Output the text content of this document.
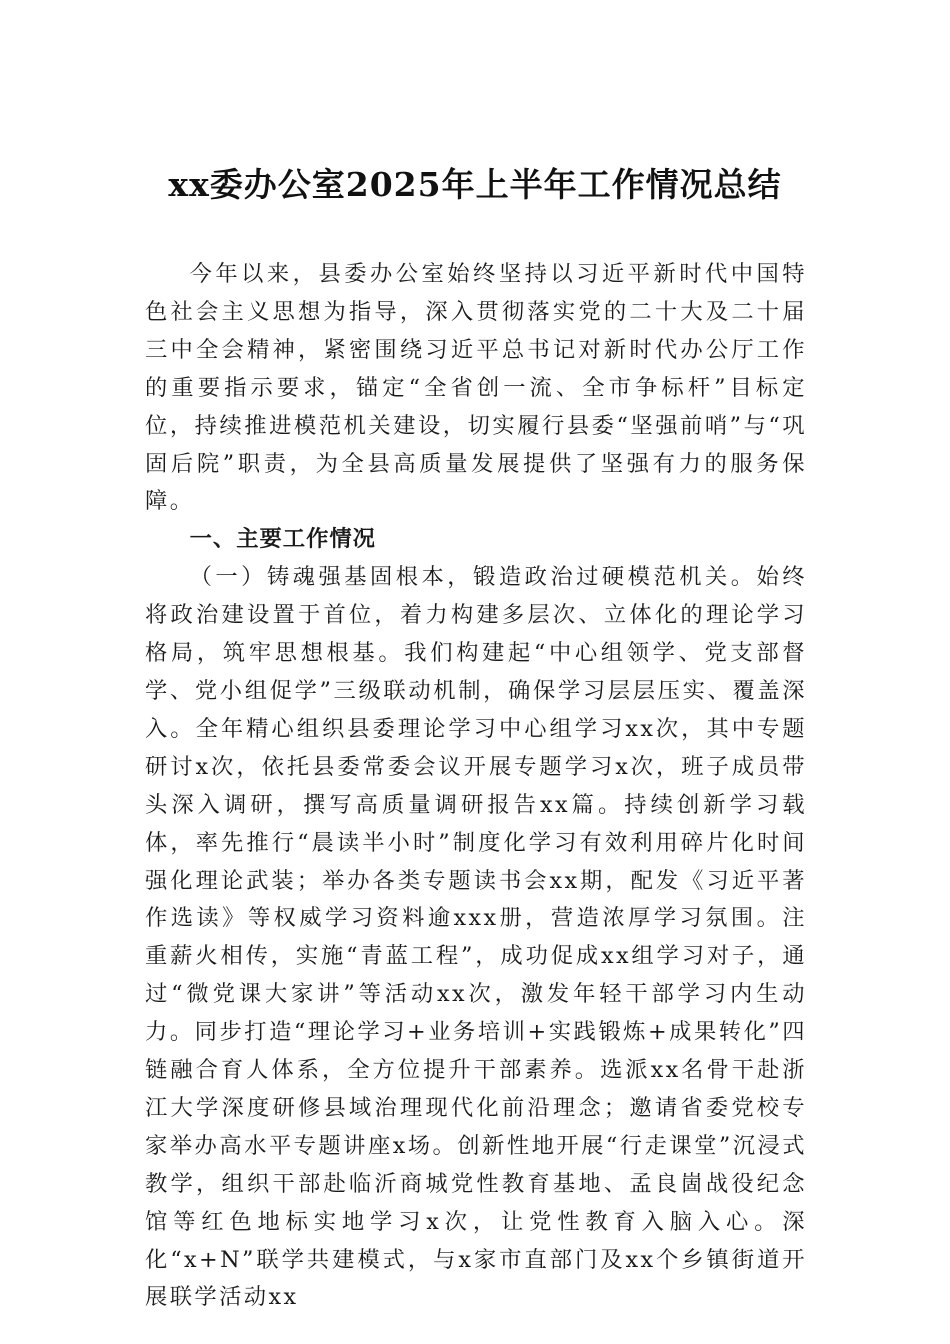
xx委办公室2025年上半年工作情况总结

今年以来，县委办公室始终坚持以习近平新时代中国特色社会主义思想为指导，深入贯彻落实党的二十大及二十届三中全会精神，紧密围绕习近平总书记对新时代办公厅工作的重要指示要求，锚定“全省创一流、全市争标杆”目标定位，持续推进模范机关建设，切实履行县委“坚强前哨”与“巩固后院”职责，为全县高质量发展提供了坚强有力的服务保障。

一、主要工作情况

（一）铸魂强基固根本，锻造政治过硬模范机关。始终将政治建设置于首位，着力构建多层次、立体化的理论学习格局，筑牢思想根基。我们构建起“中心组领学、党支部督学、党小组促学”三级联动机制，确保学习层层压实、覆盖深入。全年精心组织县委理论学习中心组学习xx次，其中专题研讨x次，依托县委常委会议开展专题学习x次，班子成员带头深入调研，撰写高质量调研报告xx篇。持续创新学习载体，率先推行“晨读半小时”制度化学习有效利用碎片化时间强化理论武装；举办各类专题读书会xx期，配发《习近平著作选读》等权威学习资料逾xxx册，营造浓厚学习氛围。注重薪火相传，实施“青蓝工程”，成功促成xx组学习对子，通过“微党课大家讲”等活动xx次，激发年轻干部学习内生动力。同步打造“理论学习+业务培训+实践锻炼+成果转化”四链融合育人体系，全方位提升干部素养。选派xx名骨干赴浙江大学深度研修县域治理现代化前沿理念；邀请省委党校专家举办高水平专题讲座x场。创新性地开展“行走课堂”沉浸式教学，组织干部赴临沂商城党性教育基地、孟良崮战役纪念馆等红色地标实地学习x次，让党性教育入脑入心。深化“x+N”联学共建模式，与x家市直部门及xx个乡镇街道开展联学活动xx
